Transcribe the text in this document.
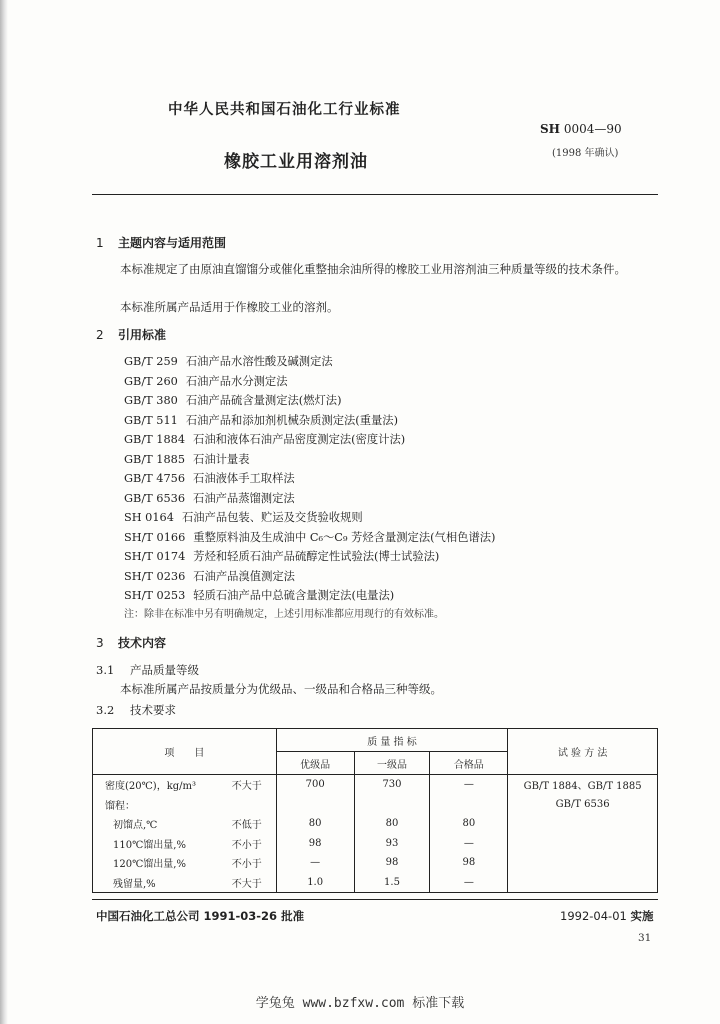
中华人民共和国石油化工行业标准
SH 0004—90
(1998 年确认)
橡胶工业用溶剂油
1 主题内容与适用范围
本标准规定了由原油直馏馏分或催化重整抽余油所得的橡胶工业用溶剂油三种质量等级的技术条件。
本标准所属产品适用于作橡胶工业的溶剂。
2 引用标准
GB/T 259 石油产品水溶性酸及碱测定法
GB/T 260 石油产品水分测定法
GB/T 380 石油产品硫含量测定法(燃灯法)
GB/T 511 石油产品和添加剂机械杂质测定法(重量法)
GB/T 1884 石油和液体石油产品密度测定法(密度计法)
GB/T 1885 石油计量表
GB/T 4756 石油液体手工取样法
GB/T 6536 石油产品蒸馏测定法
SH 0164 石油产品包装、贮运及交货验收规则
SH/T 0166 重整原料油及生成油中 C₆～C₉ 芳烃含量测定法(气相色谱法)
SH/T 0174 芳烃和轻质石油产品硫醇定性试验法(博士试验法)
SH/T 0236 石油产品溴值测定法
SH/T 0253 轻质石油产品中总硫含量测定法(电量法)
注：除非在标准中另有明确规定，上述引用标准都应用现行的有效标准。
3 技术内容
3.1 产品质量等级
本标准所属产品按质量分为优级品、一级品和合格品三种等级。
3.2 技术要求
项　　目		质 量 指 标			试 验 方 法
		优级品	一级品	合格品	
密度(20℃)，kg/m³	不大于	700	730	—	GB/T 1884、GB/T 1885
馏程：					GB/T 6536
初馏点,℃	不低于	80	80	80	
110℃馏出量,%	不小于	98	93	—	
120℃馏出量,%	不小于	—	98	98	
残留量,%	不大于	1.0	1.5	—	
中国石油化工总公司 1991-03-26 批准	1992-04-01 实施
31
学兔兔 www.bzfxw.com 标准下载
